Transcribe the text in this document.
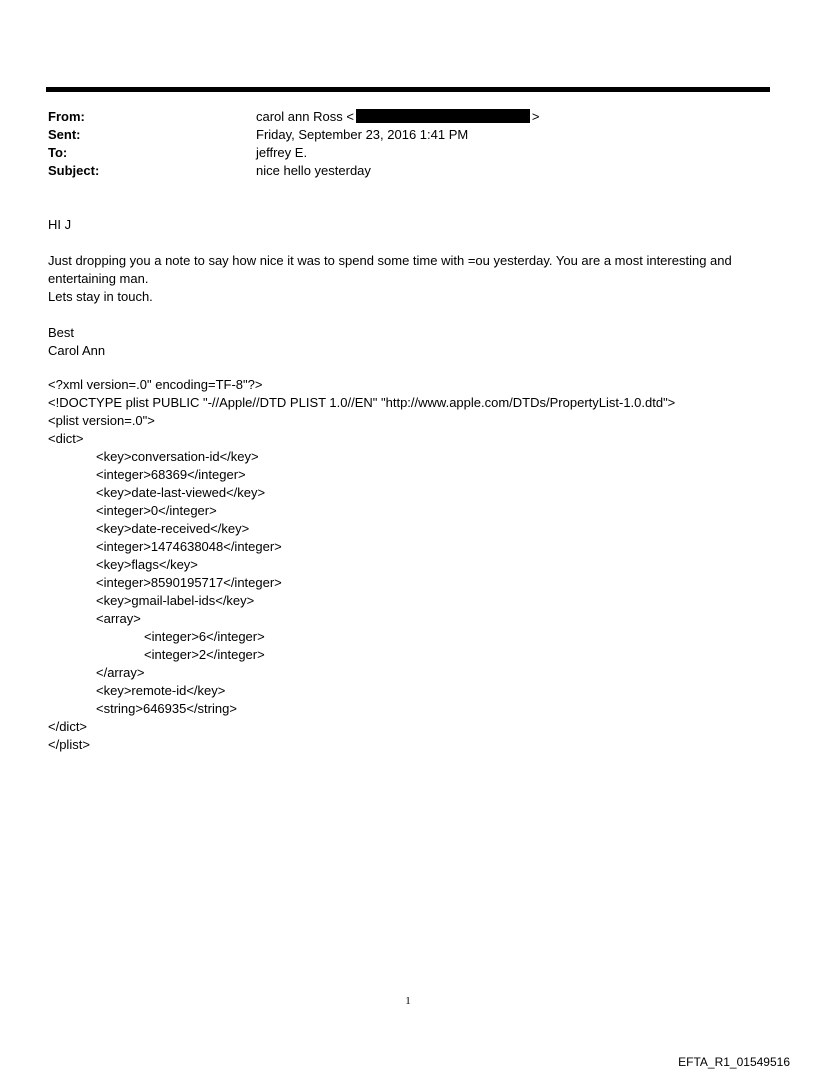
From:	carol ann Ross <	>
Sent:	Friday, September 23, 2016 1:41 PM
To:	jeffrey E.
Subject:	nice hello yesterday

HI J

Just dropping you a note to say how nice it was to spend some time with =ou yesterday. You are a most interesting and entertaining man.

Lets stay in touch.

Best

Carol Ann

<?xml version=.0" encoding=TF-8"?>
<!DOCTYPE plist PUBLIC "-//Apple//DTD PLIST 1.0//EN" "http://www.apple.com/DTDs/PropertyList-1.0.dtd">
<plist version=.0">
<dict>
<key>conversation-id</key>
<integer>68369</integer>
<key>date-last-viewed</key>
<integer>0</integer>
<key>date-received</key>
<integer>1474638048</integer>
<key>flags</key>
<integer>8590195717</integer>
<key>gmail-label-ids</key>
<array>
<integer>6</integer>
<integer>2</integer>
</array>
<key>remote-id</key>
<string>646935</string>
</dict>
</plist>
1
EFTA_R1_01549516
